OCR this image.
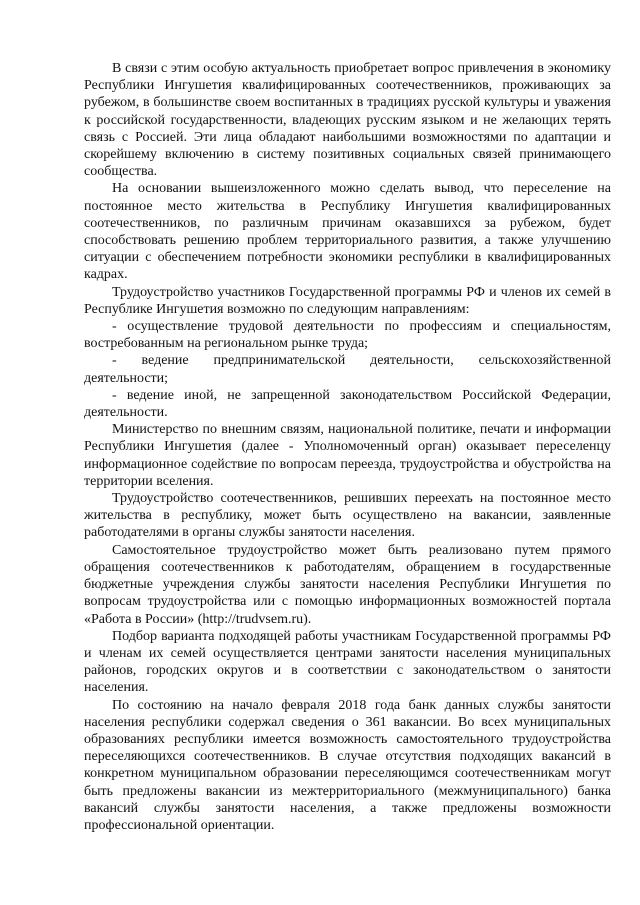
В связи с этим особую актуальность приобретает вопрос привлечения в экономику Республики Ингушетия квалифицированных соотечественников, проживающих за рубежом, в большинстве своем воспитанных в традициях русской культуры и уважения к российской государственности, владеющих русским языком и не желающих терять связь с Россией. Эти лица обладают наибольшими возможностями по адаптации и скорейшему включению в систему позитивных социальных связей принимающего сообщества.

На основании вышеизложенного можно сделать вывод, что переселение на постоянное место жительства в Республику Ингушетия квалифицированных соотечественников, по различным причинам оказавшихся за рубежом, будет способствовать решению проблем территориального развития, а также улучшению ситуации с обеспечением потребности экономики республики в квалифицированных кадрах.

Трудоустройство участников Государственной программы РФ и членов их семей в Республике Ингушетия возможно по следующим направлениям:

- осуществление трудовой деятельности по профессиям и специальностям, востребованным на региональном рынке труда;

- ведение предпринимательской деятельности, сельскохозяйственной деятельности;

- ведение иной, не запрещенной законодательством Российской Федерации, деятельности.

Министерство по внешним связям, национальной политике, печати и информации Республики Ингушетия (далее - Уполномоченный орган) оказывает переселенцу информационное содействие по вопросам переезда, трудоустройства и обустройства на территории вселения.

Трудоустройство соотечественников, решивших переехать на постоянное место жительства в республику, может быть осуществлено на вакансии, заявленные работодателями в органы службы занятости населения.

Самостоятельное трудоустройство может быть реализовано путем прямого обращения соотечественников к работодателям, обращением в государственные бюджетные учреждения службы занятости населения Республики Ингушетия по вопросам трудоустройства или с помощью информационных возможностей портала «Работа в России» (http://trudvsem.ru).

Подбор варианта подходящей работы участникам Государственной программы РФ и членам их семей осуществляется центрами занятости населения муниципальных районов, городских округов и в соответствии с законодательством о занятости населения.

По состоянию на начало февраля 2018 года банк данных службы занятости населения республики содержал сведения о 361 вакансии. Во всех муниципальных образованиях республики имеется возможность самостоятельного трудоустройства переселяющихся соотечественников. В случае отсутствия подходящих вакансий в конкретном муниципальном образовании переселяющимся соотечественникам могут быть предложены вакансии из межтерриториального (межмуниципального) банка вакансий службы занятости населения, а также предложены возможности профессиональной ориентации.
